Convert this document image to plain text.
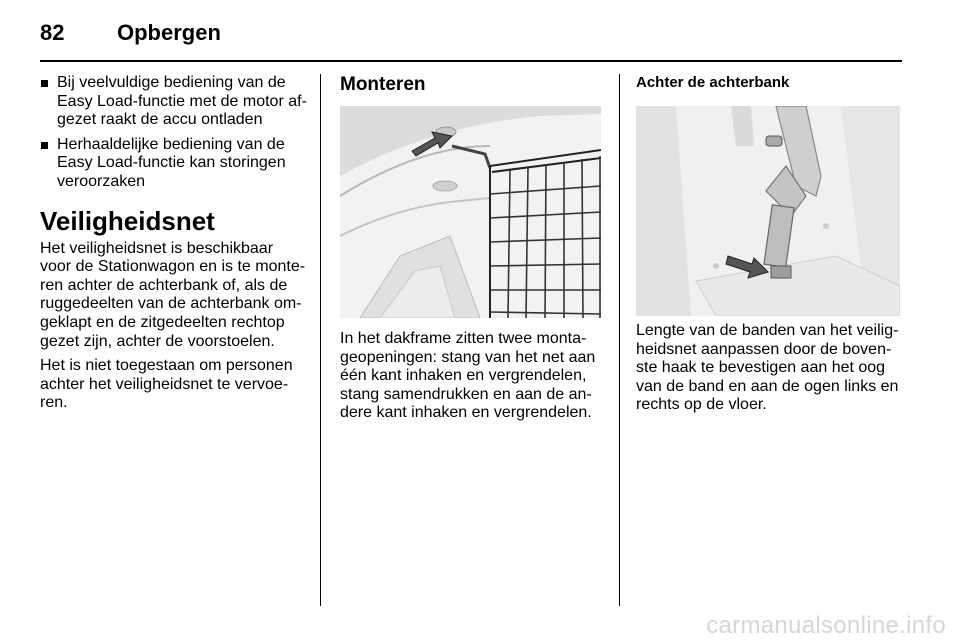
82 Opbergen
Bij veelvuldige bediening van de Easy Load-functie met de motor af-gezet raakt de accu ontladen
Herhaaldelijke bediening van de Easy Load-functie kan storingen veroorzaken
Veiligheidsnet

Het veiligheidsnet is beschikbaar voor de Stationwagon en is te monte-ren achter de achterbank of, als de ruggedeelten van de achterbank om-geklapt en de zitgedeelten rechtop gezet zijn, achter de voorstoelen.

Het is niet toegestaan om personen achter het veiligheidsnet te vervoe-ren.

Monteren

In het dakframe zitten twee monta-geopeningen: stang van het net aan één kant inhaken en vergrendelen, stang samendrukken en aan de an-dere kant inhaken en vergrendelen.

Achter de achterbank

Lengte van de banden van het veilig-heidsnet aanpassen door de boven-ste haak te bevestigen aan het oog van de band en aan de ogen links en rechts op de vloer.

carmanualsonline.info
